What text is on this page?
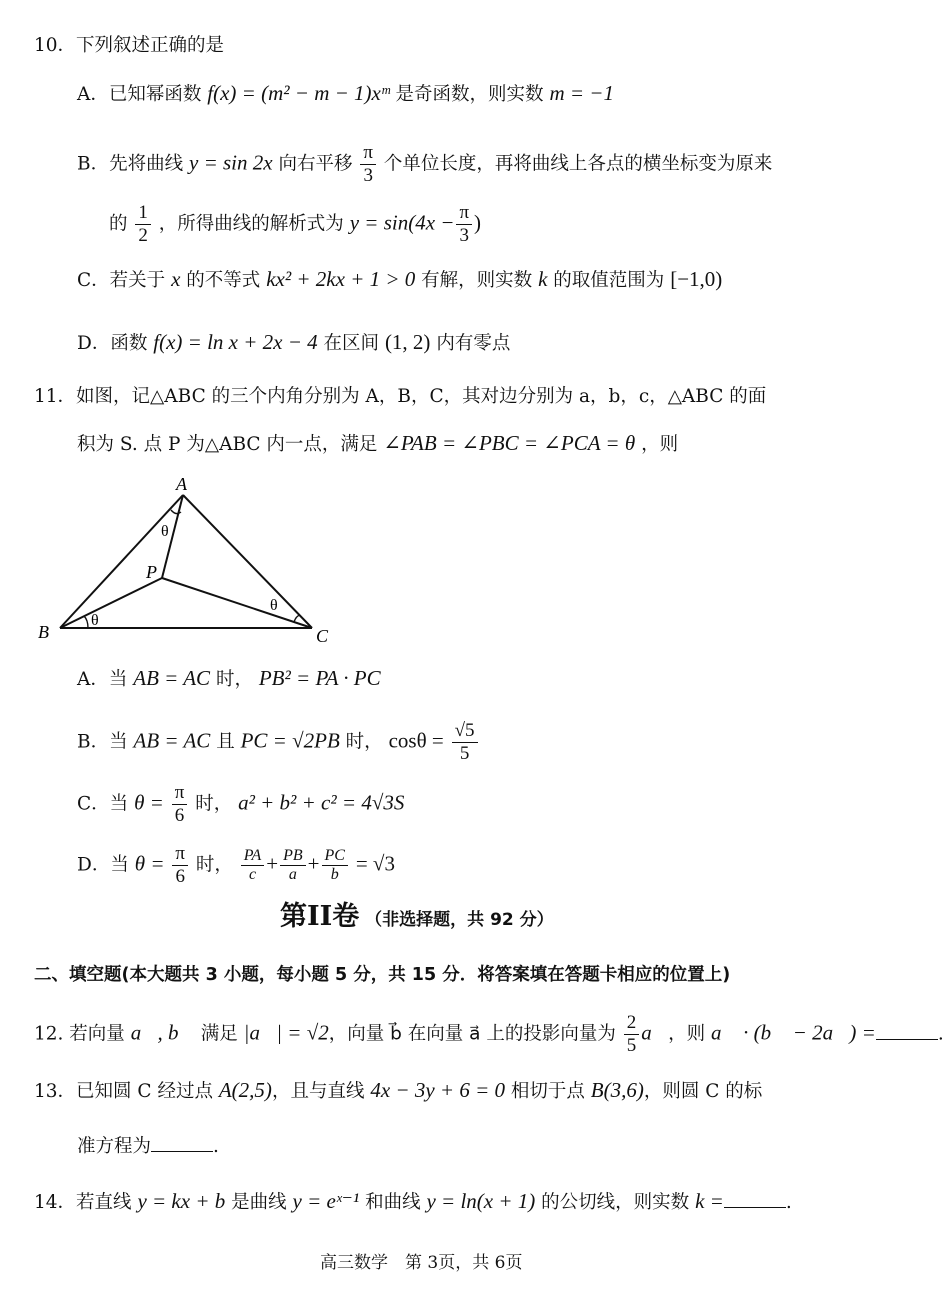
10．下列叙述正确的是
A．已知幂函数 f(x) = (m² − m − 1)xᵐ 是奇函数，则实数 m = −1
B．先将曲线 y = sin 2x 向右平移 $\frac{\pi}{3}$ 个单位长度，再将曲线上各点的横坐标变为原来
的 $\frac{1}{2}$ ，所得曲线的解析式为 $y = \sin(4x - \frac{\pi}{3}$ )
C．若关于 x 的不等式 kx² + 2kx + 1 > 0 有解，则实数 k 的取值范围为 [−1,0)
D．函数 f(x) = ln x + 2x − 4 在区间 (1, 2) 内有零点
11．如图，记△ABC 的三个内角分别为 A，B，C，其对边分别为 a，b，c，△ABC 的面
积为 S. 点 P 为△ABC 内一点，满足 ∠PAB = ∠PBC = ∠PCA = θ ，则
A
B	C
P
θ
θ
θ
A．当 AB = AC 时， PB² = PA · PC
B．当 AB = AC 且 PC = √2PB 时， $\cos\theta = \frac{√5}{5}$
C．当 $\theta = \frac{\pi}{6}$ 时， a² + b² + c² = 4√3S
D．当 $\theta = \frac{\pi}{6}$ 时， $\frac{PA}{c} + \frac{PB}{a} + \frac{PC}{b} = √3$
第II卷 （非选择题，共 92 分）
二、填空题(本大题共 3 小题，每小题 5 分，共 15 分．将答案填在答题卡相应的位置上)
12. 若向量 a⃗, b⃗ 满足 |a⃗| = √2，向量 b⃗ 在向量 a⃗ 上的投影向量为 $\frac{2}{5}$ a⃗，则 a⃗ · (b⃗ − 2a⃗) =	.
13．已知圆 C 经过点 A(2,5)，且与直线 4x − 3y + 6 = 0 相切于点 B(3,6)，则圆 C 的标
准方程为	.
14．若直线 y = kx + b 是曲线 y = eˣ⁻¹ 和曲线 y = ln(x + 1) 的公切线，则实数 k =	.
高三数学　第 3页，共 6页
